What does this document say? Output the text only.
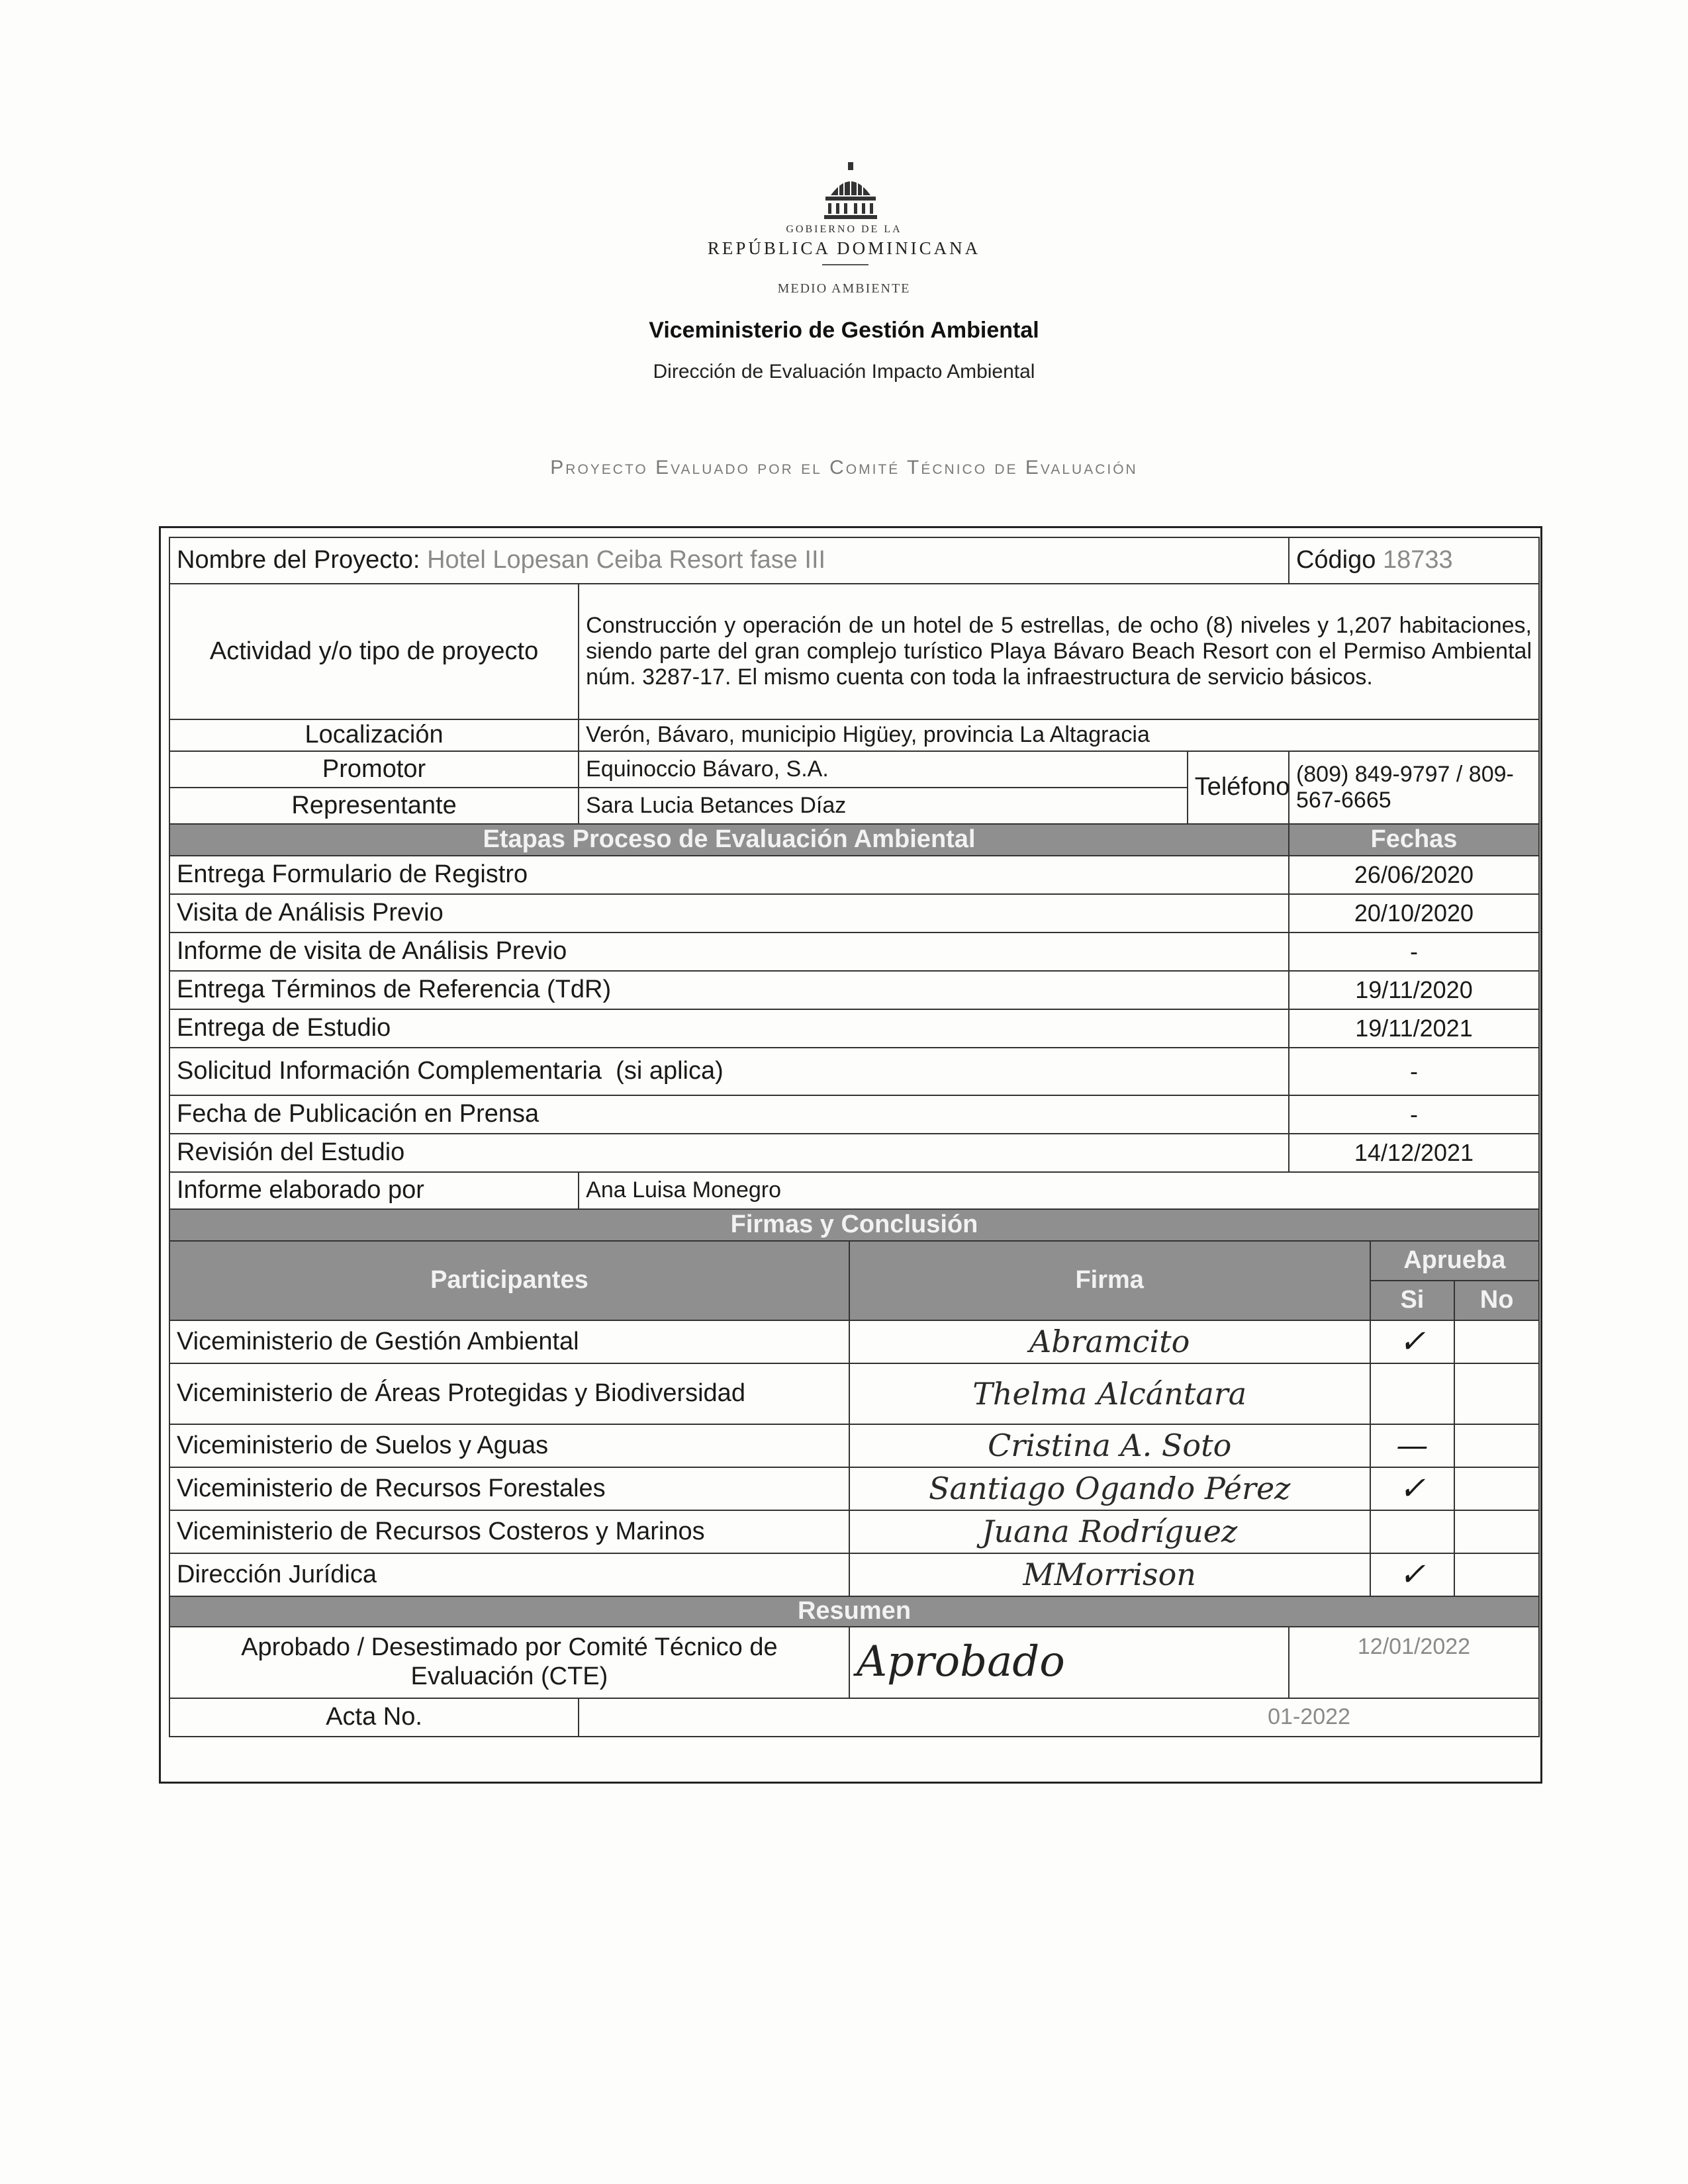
GOBIERNO DE LA
REPÚBLICA DOMINICANA
MEDIO AMBIENTE
Viceministerio de Gestión Ambiental
Dirección de Evaluación Impacto Ambiental
Proyecto Evaluado por el Comité Técnico de Evaluación
Nombre del Proyecto: Hotel Lopesan Ceiba Resort fase III				Código 18733		
Actividad y/o tipo de proyecto	Construcción y operación de un hotel de 5 estrellas, de ocho (8) niveles y 1,207 habitaciones, siendo parte del gran complejo turístico Playa Bávaro Beach Resort con el Permiso Ambiental núm. 3287-17. El mismo cuenta con toda la infraestructura de servicio básicos.					
Localización	Verón, Bávaro, municipio Higüey, provincia La Altagracia					
Promotor	Equinoccio Bávaro, S.A.		Teléfono	(809) 849-9797 / 809-567-6665		
Representante	Sara Lucia Betances Díaz					
Etapas Proceso de Evaluación Ambiental				Fechas		
Entrega Formulario de Registro				26/06/2020		
Visita de Análisis Previo				20/10/2020		
Informe de visita de Análisis Previo				-		
Entrega Términos de Referencia (TdR)				19/11/2020		
Entrega de Estudio				19/11/2021		
Solicitud Información Complementaria  (si aplica)				-		
Fecha de Publicación en Prensa				-		
Revisión del Estudio				14/12/2021		
Informe elaborado por	Ana Luisa Monegro					
Firmas y Conclusión						
Participantes		Firma			Aprueba	
					Si	No
Viceministerio de Gestión Ambiental		Abramcito			✓	
Viceministerio de Áreas Protegidas y Biodiversidad		Thelma Alcántara				
Viceministerio de Suelos y Aguas		Cristina A. Soto			—	
Viceministerio de Recursos Forestales		Santiago Ogando Pérez			✓	
Viceministerio de Recursos Costeros y Marinos		Juana Rodríguez				
Dirección Jurídica		MMorrison			✓	
Resumen						
Aprobado / Desestimado por Comité Técnico de Evaluación (CTE)		Aprobado		12/01/2022		
Acta No.	01-2022					
